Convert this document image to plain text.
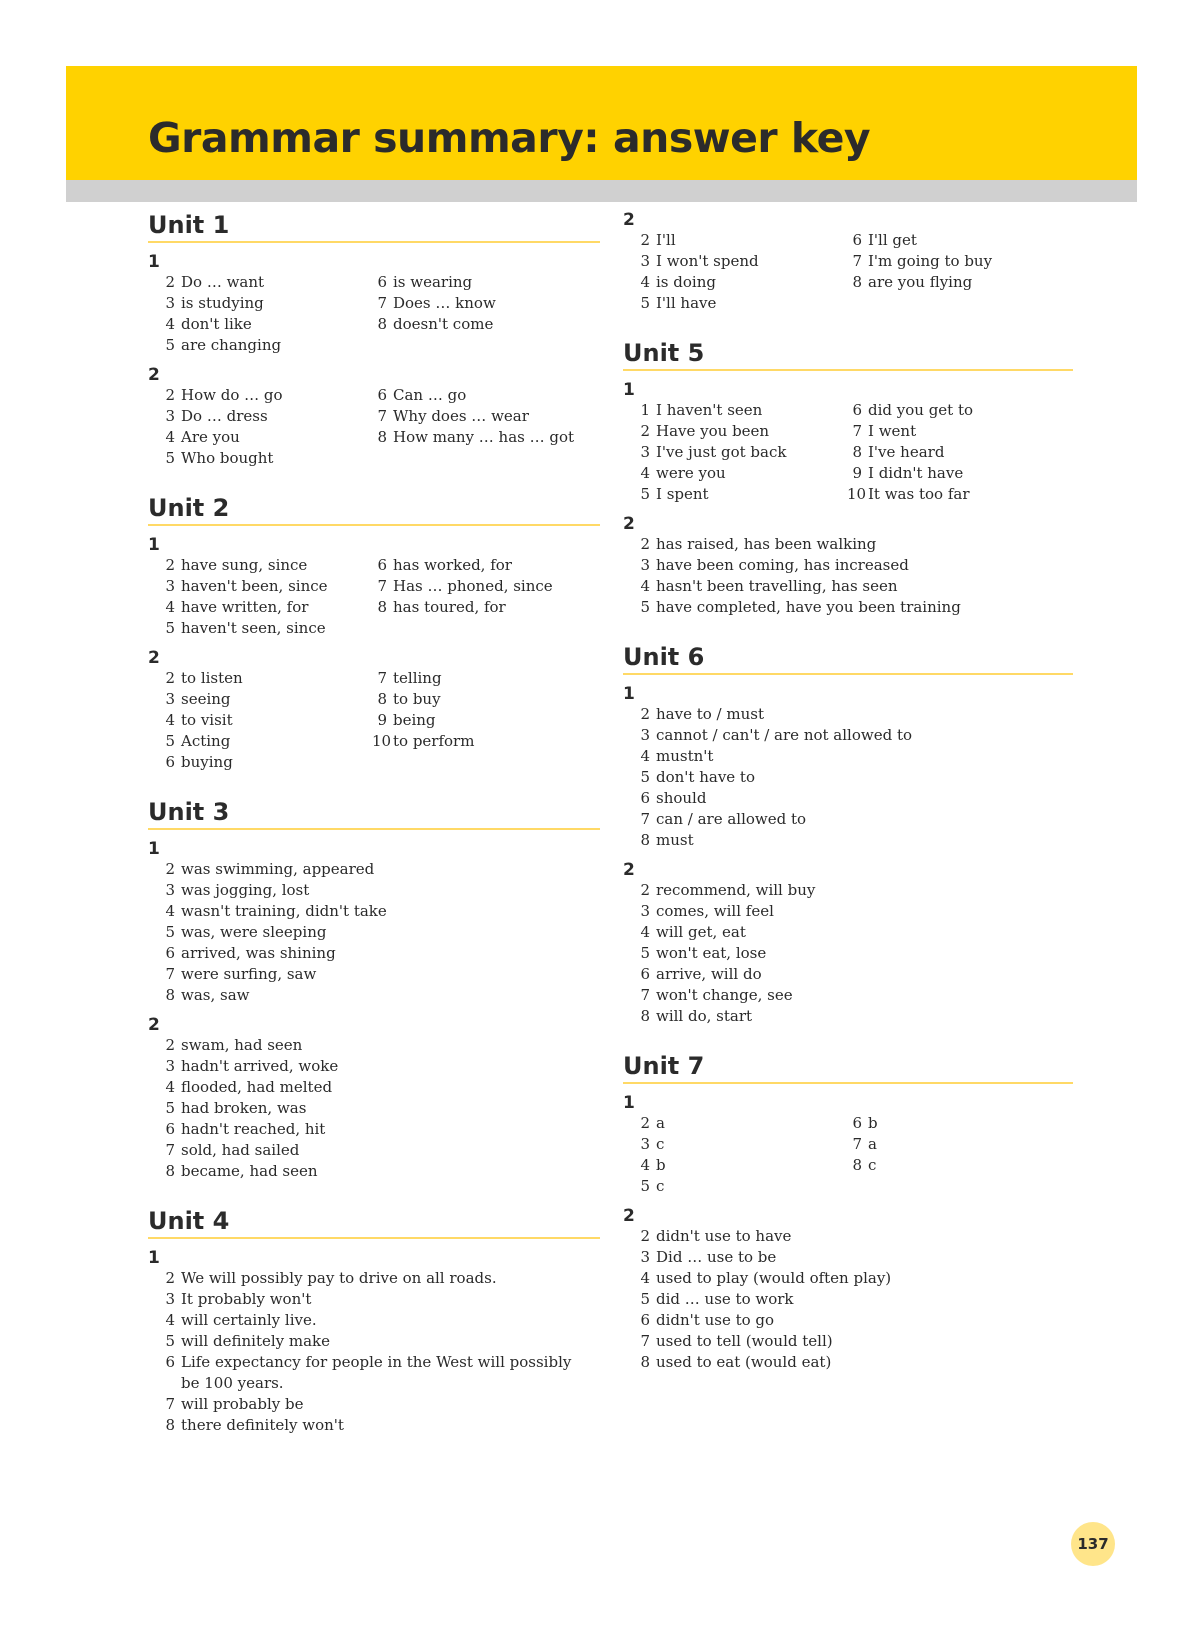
Grammar summary: answer key
Unit 1
1
2 Do … want
3 is studying
4 don't like
5 are changing
6 is wearing
7 Does … know
8 doesn't come
2
2 How do … go
3 Do … dress
4 Are you
5 Who bought
6 Can … go
7 Why does … wear
8 How many … has … got
Unit 2
1
2 have sung, since
3 haven't been, since
4 have written, for
5 haven't seen, since
6 has worked, for
7 Has … phoned, since
8 has toured, for
2
2 to listen
3 seeing
4 to visit
5 Acting
6 buying
7 telling
8 to buy
9 being
10 to perform
Unit 3
1
2 was swimming, appeared
3 was jogging, lost
4 wasn't training, didn't take
5 was, were sleeping
6 arrived, was shining
7 were surfing, saw
8 was, saw
2
2 swam, had seen
3 hadn't arrived, woke
4 flooded, had melted
5 had broken, was
6 hadn't reached, hit
7 sold, had sailed
8 became, had seen
Unit 4
1
2 We will possibly pay to drive on all roads.
3 It probably won't
4 will certainly live.
5 will definitely make
6 Life expectancy for people in the West will possibly be 100 years.
7 will probably be
8 there definitely won't
2
2 I'll
3 I won't spend
4 is doing
5 I'll have
6 I'll get
7 I'm going to buy
8 are you flying
Unit 5
1
1 I haven't seen
2 Have you been
3 I've just got back
4 were you
5 I spent
6 did you get to
7 I went
8 I've heard
9 I didn't have
10 It was too far
2
2 has raised, has been walking
3 have been coming, has increased
4 hasn't been travelling, has seen
5 have completed, have you been training
Unit 6
1
2 have to / must
3 cannot / can't / are not allowed to
4 mustn't
5 don't have to
6 should
7 can / are allowed to
8 must
2
2 recommend, will buy
3 comes, will feel
4 will get, eat
5 won't eat, lose
6 arrive, will do
7 won't change, see
8 will do, start
Unit 7
1
2 a
3 c
4 b
5 c
6 b
7 a
8 c
2
2 didn't use to have
3 Did … use to be
4 used to play (would often play)
5 did … use to work
6 didn't use to go
7 used to tell (would tell)
8 used to eat (would eat)
137
